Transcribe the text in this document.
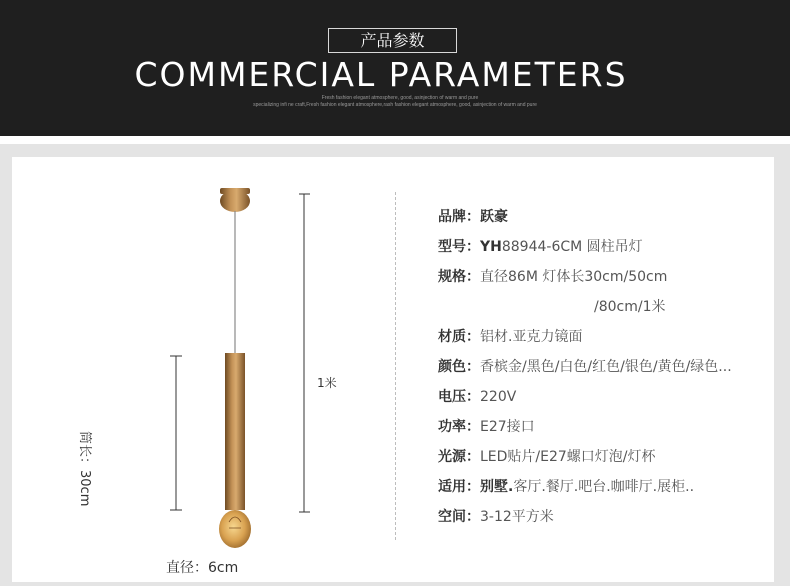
产品参数
COMMERCIAL PARAMETERS
Fresh fashion elegant atmosphere, good, asinjection of warm and pure
specializing infi ne craft,Fresh fashion elegant atmosphere,rash fashion elegant atmosphere, good, asinjection of warm and pure
1米
筒长：30cm
直径：6cm
品牌：跃豪
型号：YH88944-6CM 圆柱吊灯
规格：直径86M 灯体长30cm/50cm
/80cm/1米
材质：铝材.亚克力镜面
颜色：香槟金/黑色/白色/红色/银色/黄色/绿色...
电压：220V
功率：E27接口
光源：LED贴片/E27螺口灯泡/灯杯
适用：别墅.客厅.餐厅.吧台.咖啡厅.展柜..
空间：3-12平方米
